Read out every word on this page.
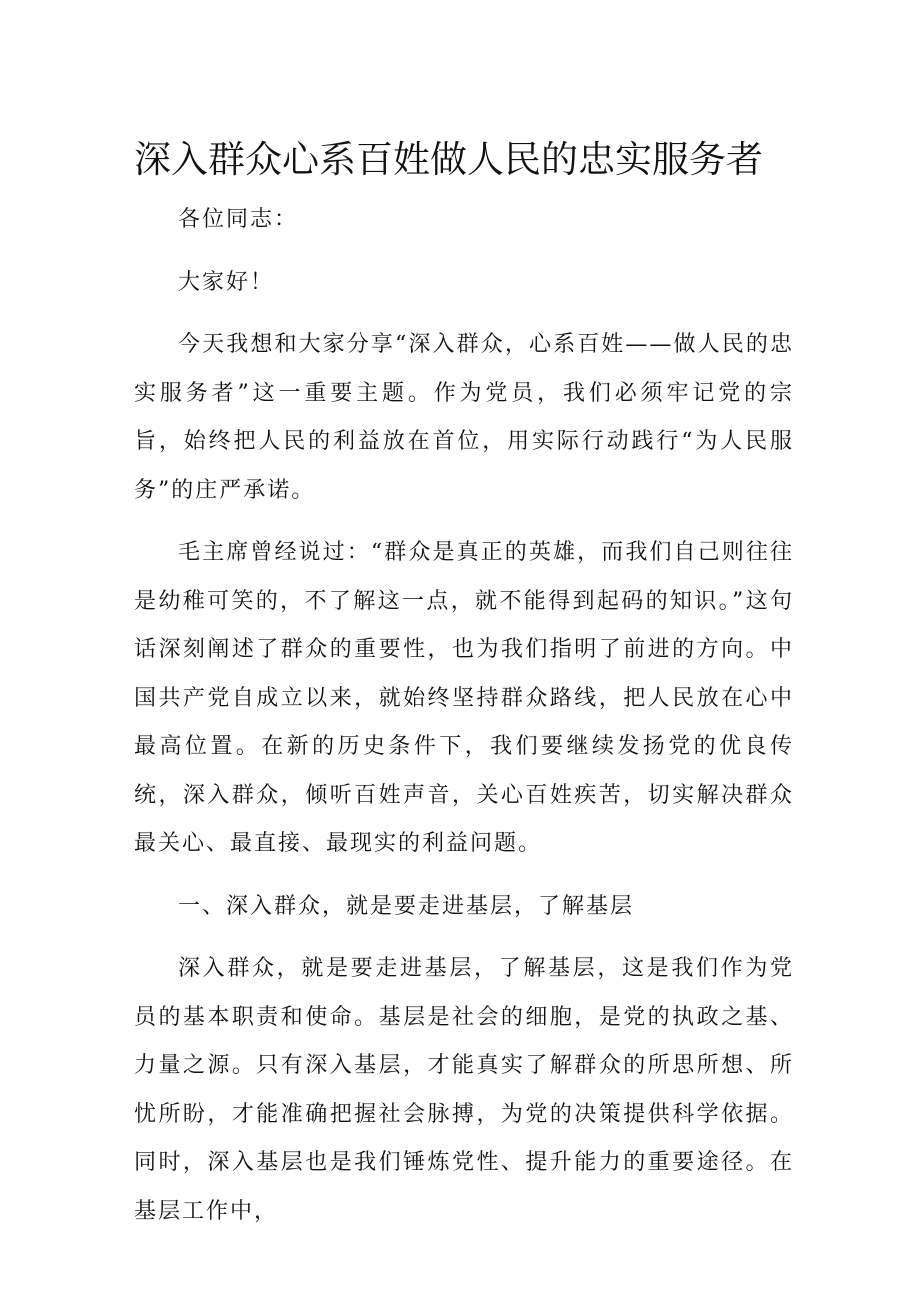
深入群众心系百姓做人民的忠实服务者

各位同志：

大家好！

今天我想和大家分享“深入群众，心系百姓——做人民的忠实服务者”这一重要主题。作为党员，我们必须牢记党的宗旨，始终把人民的利益放在首位，用实际行动践行“为人民服务”的庄严承诺。

毛主席曾经说过：“群众是真正的英雄，而我们自己则往往是幼稚可笑的，不了解这一点，就不能得到起码的知识。”这句话深刻阐述了群众的重要性，也为我们指明了前进的方向。中国共产党自成立以来，就始终坚持群众路线，把人民放在心中最高位置。在新的历史条件下，我们要继续发扬党的优良传统，深入群众，倾听百姓声音，关心百姓疾苦，切实解决群众最关心、最直接、最现实的利益问题。

一、深入群众，就是要走进基层，了解基层

深入群众，就是要走进基层，了解基层，这是我们作为党员的基本职责和使命。基层是社会的细胞，是党的执政之基、力量之源。只有深入基层，才能真实了解群众的所思所想、所忧所盼，才能准确把握社会脉搏，为党的决策提供科学依据。同时，深入基层也是我们锤炼党性、提升能力的重要途径。在基层工作中，
